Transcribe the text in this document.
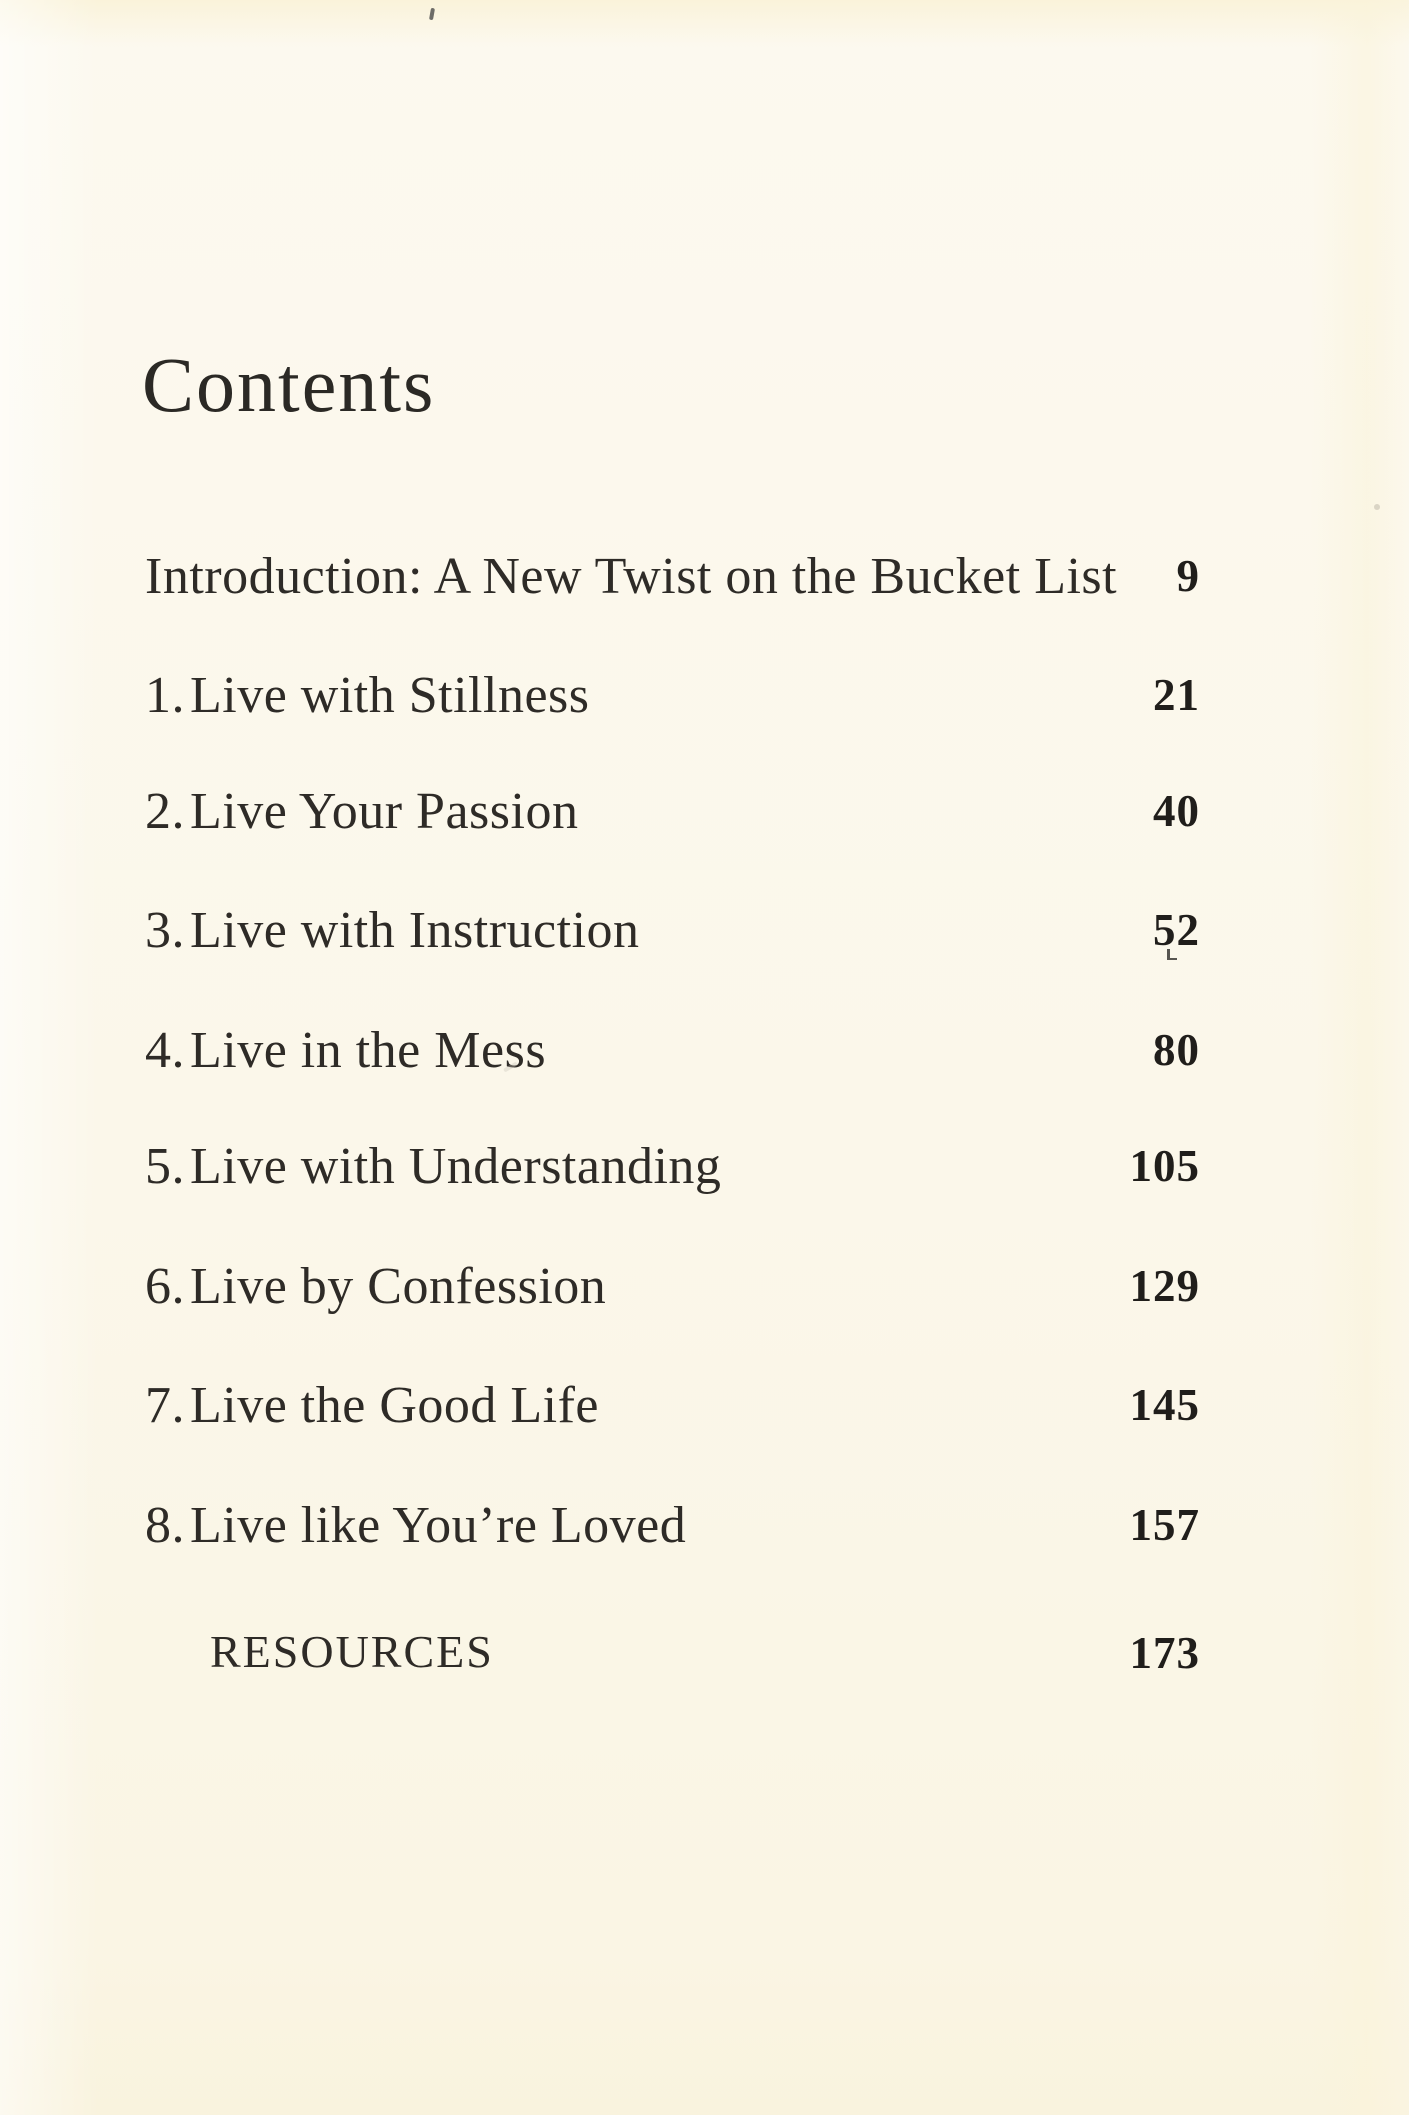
Contents
Introduction: A New Twist on the Bucket List 9
1.Live with Stillness	21
2.Live Your Passion	40
3.Live with Instruction	52
4.Live in the Mess	80
5.Live with Understanding	105
6.Live by Confession	129
7.Live the Good Life	145
8.Live like You’re Loved	157
RESOURCES	173
